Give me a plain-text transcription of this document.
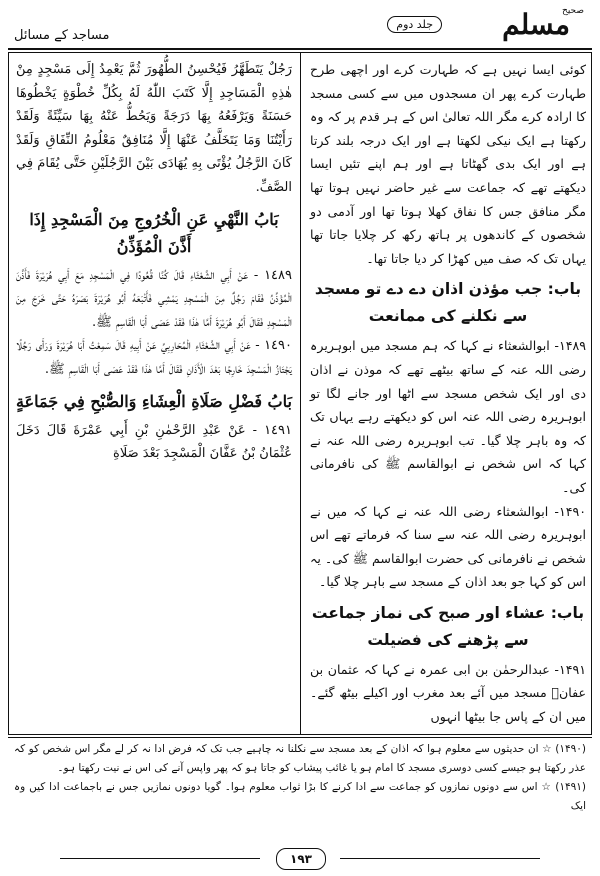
مساجد کے مسائل
جلد دوم
صحیح
مسلم

کوئی ایسا نہیں ہے کہ طہارت کرے اور اچھی طرح طہارت کرے پھر ان مسجدوں میں سے کسی مسجد کا ارادہ کرے مگر اللہ تعالیٰ اس کے ہر قدم پر کہ وہ رکھتا ہے ایک نیکی لکھتا ہے اور ایک درجہ بلند کرتا ہے اور ایک بدی گھٹاتا ہے اور ہم اپنے تئیں ایسا دیکھتے تھے کہ جماعت سے غیر حاضر نہیں ہوتا تھا مگر منافق جس کا نفاق کھلا ہوتا تھا اور آدمی دو شخصوں کے کاندھوں پر ہاتھ رکھ کر چلایا جاتا تھا یہاں تک کہ صف میں کھڑا کر دیا جاتا تھا۔

باب: جب مؤذن اذان دے دے تو مسجد سے نکلنے کی ممانعت

۱۴۸۹- ابوالشعثاء نے کہا کہ ہم مسجد میں ابوہریرہ رضی اللہ عنہ کے ساتھ بیٹھے تھے کہ موذن نے اذان دی اور ایک شخص مسجد سے اٹھا اور جانے لگا تو ابوہریرہ رضی اللہ عنہ اس کو دیکھتے رہے یہاں تک کہ وہ باہر چلا گیا۔ تب ابوہریرہ رضی اللہ عنہ نے کہا کہ اس شخص نے ابوالقاسم ﷺ کی نافرمانی کی۔

۱۴۹۰- ابوالشعثاء رضی اللہ عنہ نے کہا کہ میں نے ابوہریرہ رضی اللہ عنہ سے سنا کہ فرماتے تھے اس شخص نے نافرمانی کی حضرت ابوالقاسم ﷺ کی۔ یہ اس کو کہا جو بعد اذان کے مسجد سے باہر چلا گیا۔

باب: عشاء اور صبح کی نماز جماعت سے پڑھنے کی فضیلت

۱۴۹۱- عبدالرحمٰن بن ابی عمرہ نے کہا کہ عثمان بن عفانؓ مسجد میں آئے بعد مغرب اور اکیلے بیٹھ گئے۔ میں ان کے پاس جا بیٹھا انہوں

رَجُلٌ يَتَطَهَّرُ فَيُحْسِنُ الطُّهُورَ ثُمَّ يَعْمِدُ إِلَى مَسْجِدٍ مِنْ هٰذِهِ الْمَسَاجِدِ إِلَّا كَتَبَ اللّٰهُ لَهُ بِكُلِّ خُطْوَةٍ يَخْطُوهَا حَسَنَةً وَيَرْفَعُهُ بِهَا دَرَجَةً وَيَحُطُّ عَنْهُ بِهَا سَيِّئَةً وَلَقَدْ رَأَيْتُنَا وَمَا يَتَخَلَّفُ عَنْهَا إِلَّا مُنَافِقٌ مَعْلُومُ النِّفَاقِ وَلَقَدْ كَانَ الرَّجُلُ يُؤْتَى بِهِ يُهَادَى بَيْنَ الرَّجُلَيْنِ حَتَّى يُقَامَ فِي الصَّفِّ.

بَابُ النَّهْيِ عَنِ الْخُرُوجِ مِنَ الْمَسْجِدِ إِذَا أَذَّنَ الْمُؤَذِّنُ

١٤٨٩ - عَنْ أَبِي الشَّعْثَاءِ قَالَ كُنَّا قُعُودًا فِي الْمَسْجِدِ مَعَ أَبِي هُرَيْرَةَ فَأَذَّنَ الْمُؤَذِّنُ فَقَامَ رَجُلٌ مِنَ الْمَسْجِدِ يَمْشِي فَأَتْبَعَهُ أَبُو هُرَيْرَةَ بَصَرَهُ حَتَّى خَرَجَ مِنَ الْمَسْجِدِ فَقَالَ أَبُو هُرَيْرَةَ أَمَّا هٰذَا فَقَدْ عَصَى أَبَا الْقَاسِمِ ﷺ.

١٤٩٠ - عَنْ أَبِي الشَّعْثَاءِ الْمُحَارِبِيِّ عَنْ أَبِيهِ قَالَ سَمِعْتُ أَبَا هُرَيْرَةَ وَرَأَى رَجُلًا يَجْتَازُ الْمَسْجِدَ خَارِجًا بَعْدَ الْأَذَانِ فَقَالَ أَمَّا هٰذَا فَقَدْ عَصَى أَبَا الْقَاسِمِ ﷺ.

بَابُ فَضْلِ صَلَاةِ الْعِشَاءِ وَالصُّبْحِ فِي جَمَاعَةٍ

١٤٩١ - عَنْ عَبْدِ الرَّحْمٰنِ بْنِ أَبِي عَمْرَةَ قَالَ دَخَلَ عُثْمَانُ بْنُ عَفَّانَ الْمَسْجِدَ بَعْدَ صَلَاةِ

(۱۴۹۰) ☆ ان حدیثوں سے معلوم ہوا کہ اذان کے بعد مسجد سے نکلنا نہ چاہیے جب تک کہ فرض ادا نہ کر لے مگر اس شخص کو کہ عذر رکھتا ہو جیسے کسی دوسری مسجد کا امام ہو یا غائب پیشاب کو جاتا ہو کہ پھر واپس آنے کی اس نے نیت رکھتا ہو۔
(۱۴۹۱) ☆ اس سے دونوں نمازوں کو جماعت سے ادا کرنے کا بڑا ثواب معلوم ہوا۔ گویا دونوں نمازیں جس نے باجماعت ادا کیں وہ ایک
۱۹۳
